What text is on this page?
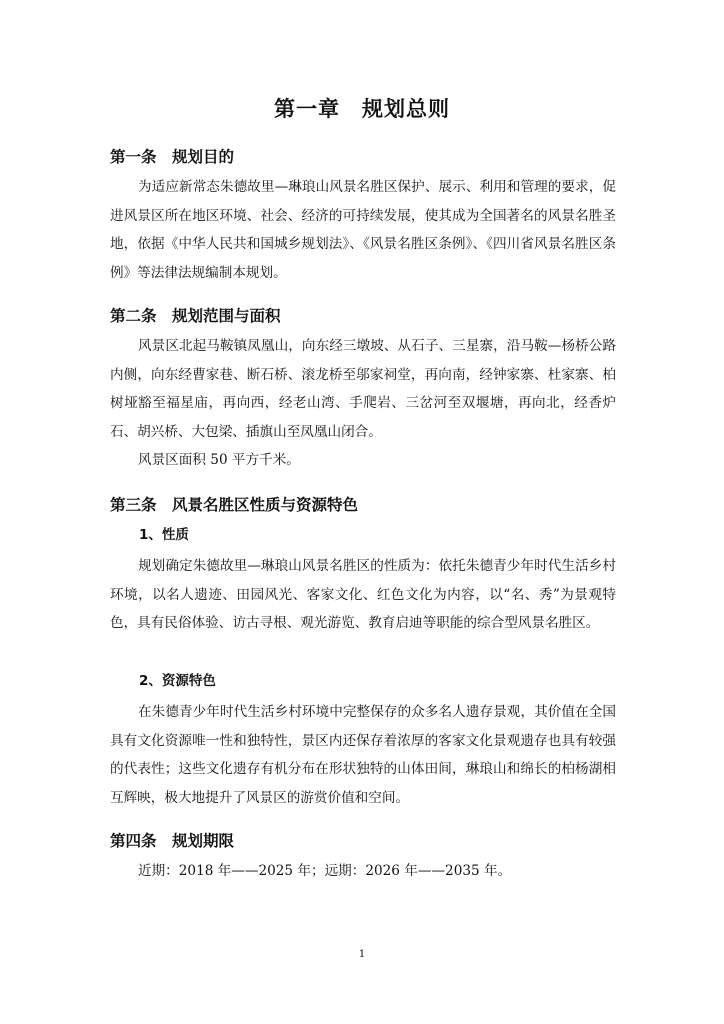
第一章　规划总则
第一条　规划目的
为适应新常态朱德故里—琳琅山风景名胜区保护、展示、利用和管理的要求，促进风景区所在地区环境、社会、经济的可持续发展，使其成为全国著名的风景名胜圣地，依据《中华人民共和国城乡规划法》、《风景名胜区条例》、《四川省风景名胜区条例》等法律法规编制本规划。
第二条　规划范围与面积
风景区北起马鞍镇凤凰山，向东经三墩坡、从石子、三星寨，沿马鞍—杨桥公路内侧，向东经曹家巷、断石桥、滚龙桥至邬家祠堂，再向南，经钟家寨、杜家寨、柏树垭豁至福星庙，再向西，经老山湾、手爬岩、三岔河至双堰塘，再向北，经香炉石、胡兴桥、大包梁、插旗山至凤凰山闭合。
风景区面积 50 平方千米。
第三条　风景名胜区性质与资源特色
1、性质
规划确定朱德故里—琳琅山风景名胜区的性质为：依托朱德青少年时代生活乡村环境，以名人遗迹、田园风光、客家文化、红色文化为内容，以“名、秀”为景观特色，具有民俗体验、访古寻根、观光游览、教育启迪等职能的综合型风景名胜区。
2、资源特色
在朱德青少年时代生活乡村环境中完整保存的众多名人遗存景观，其价值在全国具有文化资源唯一性和独特性，景区内还保存着浓厚的客家文化景观遗存也具有较强的代表性；这些文化遗存有机分布在形状独特的山体田间，琳琅山和绵长的柏杨湖相互辉映，极大地提升了风景区的游赏价值和空间。
第四条　规划期限
近期：2018 年——2025 年；远期：2026 年——2035 年。
1
